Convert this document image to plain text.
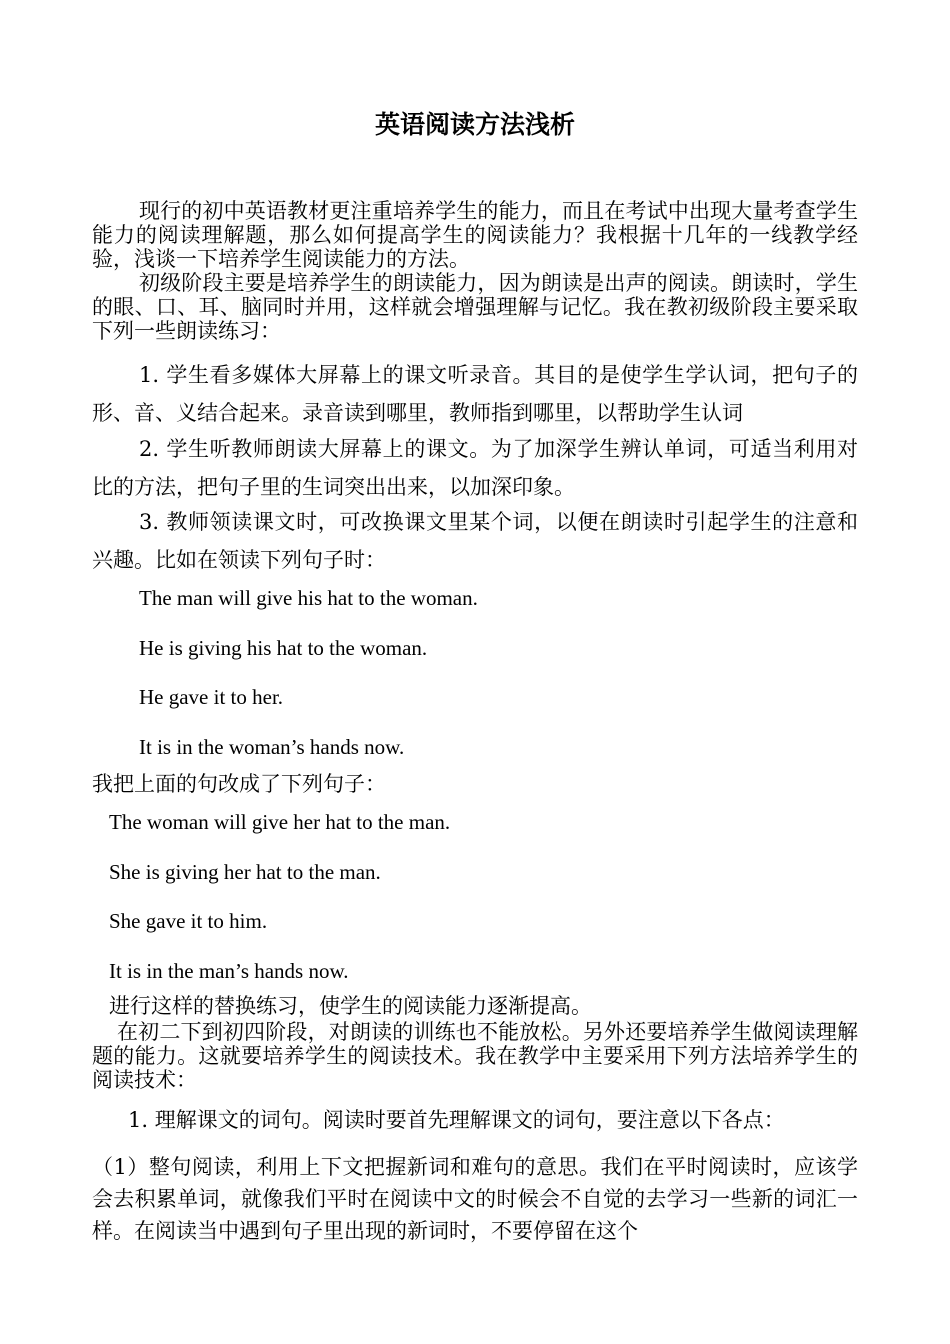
英语阅读方法浅析

现行的初中英语教材更注重培养学生的能力，而且在考试中出现大量考查学生能力的阅读理解题，那么如何提高学生的阅读能力？我根据十几年的一线教学经验，浅谈一下培养学生阅读能力的方法。

初级阶段主要是培养学生的朗读能力，因为朗读是出声的阅读。朗读时，学生的眼、口、耳、脑同时并用，这样就会增强理解与记忆。我在教初级阶段主要采取下列一些朗读练习：

1. 学生看多媒体大屏幕上的课文听录音。其目的是使学生学认词，把句子的形、音、义结合起来。录音读到哪里，教师指到哪里，以帮助学生认词

2. 学生听教师朗读大屏幕上的课文。为了加深学生辨认单词，可适当利用对比的方法，把句子里的生词突出出来，以加深印象。

3. 教师领读课文时，可改换课文里某个词，以便在朗读时引起学生的注意和兴趣。比如在领读下列句子时：

The man will give his hat to the woman.
He is giving his hat to the woman.
He gave it to her.
It is in the woman’s hands now.
我把上面的句改成了下列句子：
The woman will give her hat to the man.
She is giving her hat to the man.
She gave it to him.
It is in the man’s hands now.
进行这样的替换练习，使学生的阅读能力逐渐提高。

在初二下到初四阶段，对朗读的训练也不能放松。另外还要培养学生做阅读理解题的能力。这就要培养学生的阅读技术。我在教学中主要采用下列方法培养学生的阅读技术：

1. 理解课文的词句。阅读时要首先理解课文的词句，要注意以下各点：

（1）整句阅读，利用上下文把握新词和难句的意思。我们在平时阅读时，应该学会去积累单词，就像我们平时在阅读中文的时候会不自觉的去学习一些新的词汇一样。在阅读当中遇到句子里出现的新词时，不要停留在这个
